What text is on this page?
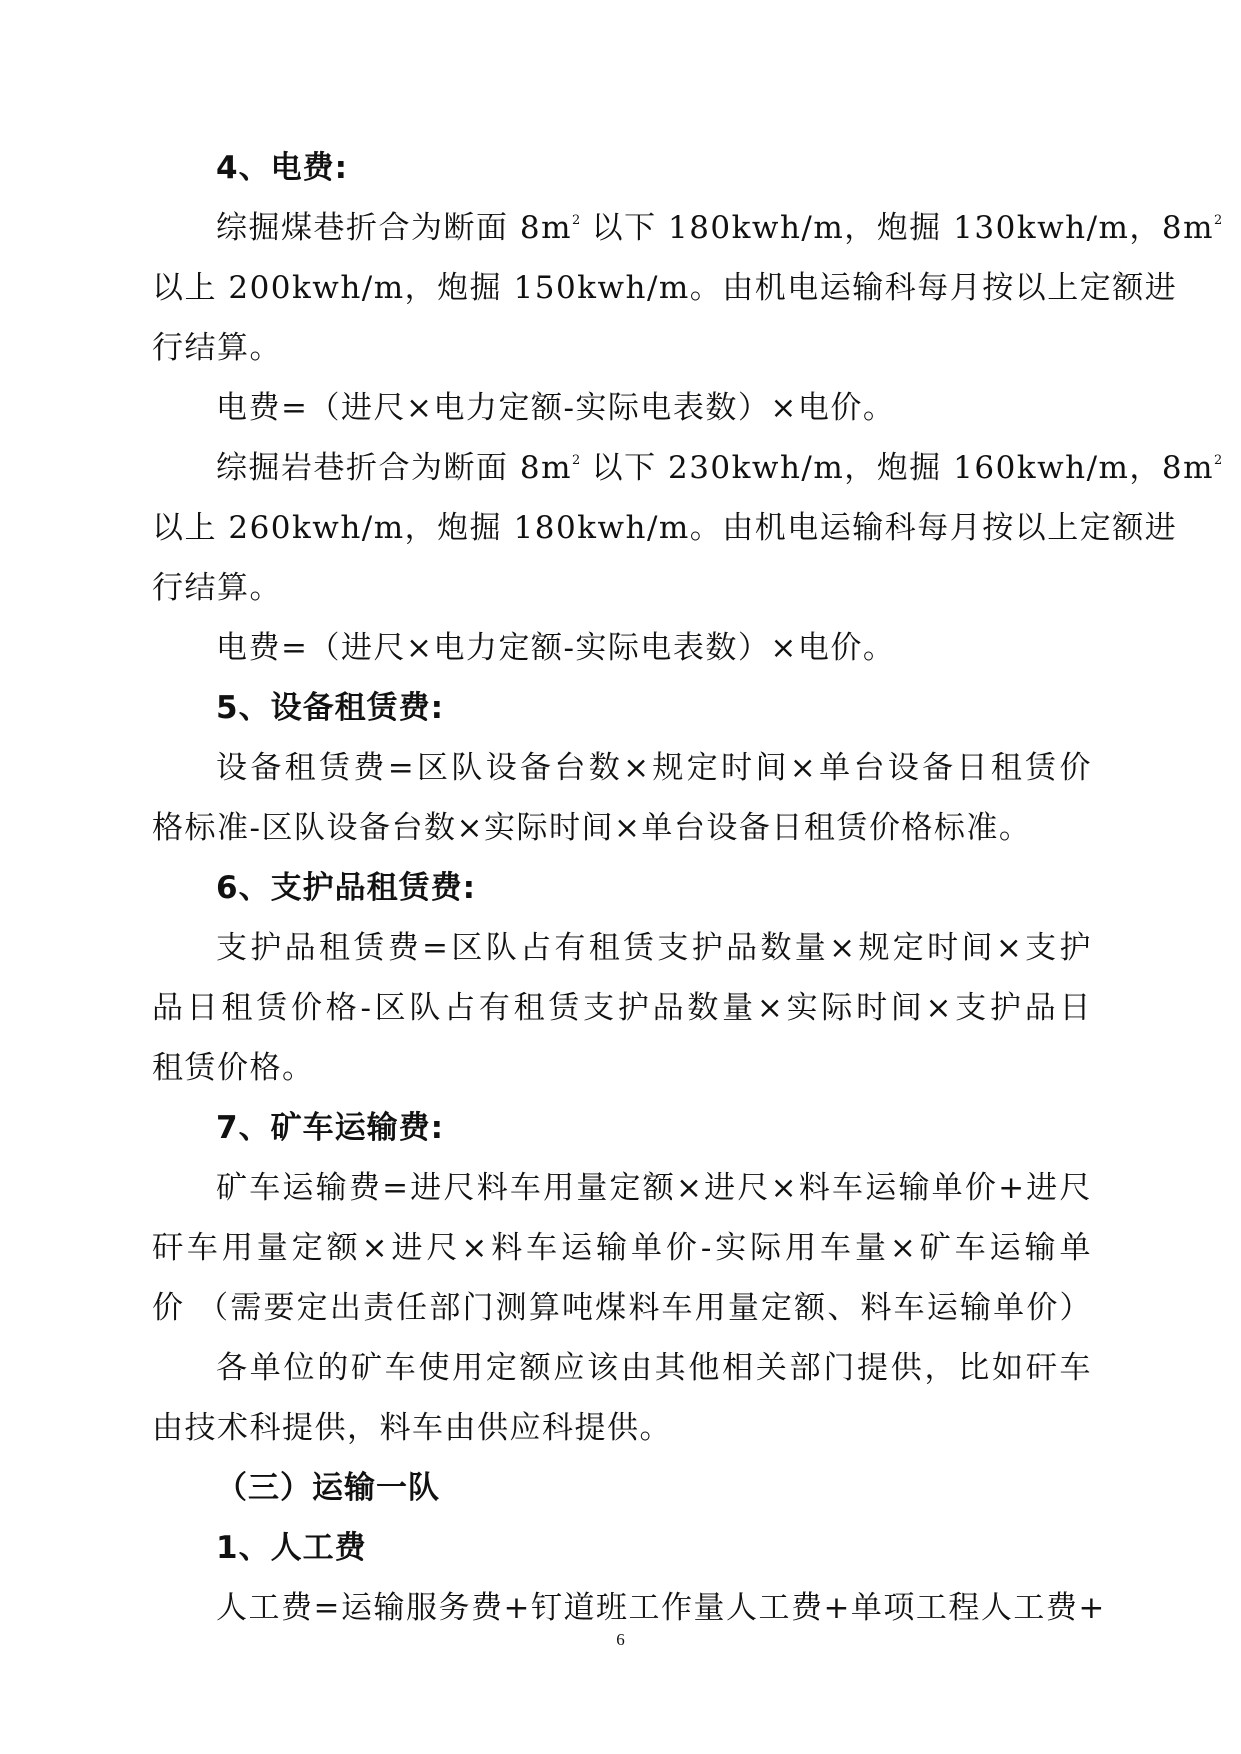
4、电费:
综掘煤巷折合为断面 $8m^2$ 以下 180kwh/m，炮掘 130kwh/m，$8m^2$
以上 200kwh/m，炮掘 150kwh/m。由机电运输科每月按以上定额进
行结算。
电费=（进尺×电力定额-实际电表数）×电价。
综掘岩巷折合为断面 $8m^2$ 以下 230kwh/m，炮掘 160kwh/m，$8m^2$
以上 260kwh/m，炮掘 180kwh/m。由机电运输科每月按以上定额进
行结算。
电费=（进尺×电力定额-实际电表数）×电价。
5、设备租赁费:
设备租赁费=区队设备台数×规定时间×单台设备日租赁价
格标准-区队设备台数×实际时间×单台设备日租赁价格标准。
6、支护品租赁费:
支护品租赁费=区队占有租赁支护品数量×规定时间×支护
品日租赁价格-区队占有租赁支护品数量×实际时间×支护品日
租赁价格。
7、矿车运输费:
矿车运输费=进尺料车用量定额×进尺×料车运输单价+进尺
矸车用量定额×进尺×料车运输单价-实际用车量×矿车运输单
价 （需要定出责任部门测算吨煤料车用量定额、料车运输单价）
各单位的矿车使用定额应该由其他相关部门提供，比如矸车
由技术科提供，料车由供应科提供。
（三）运输一队
1、人工费
人工费=运输服务费+钉道班工作量人工费+单项工程人工费+
6
